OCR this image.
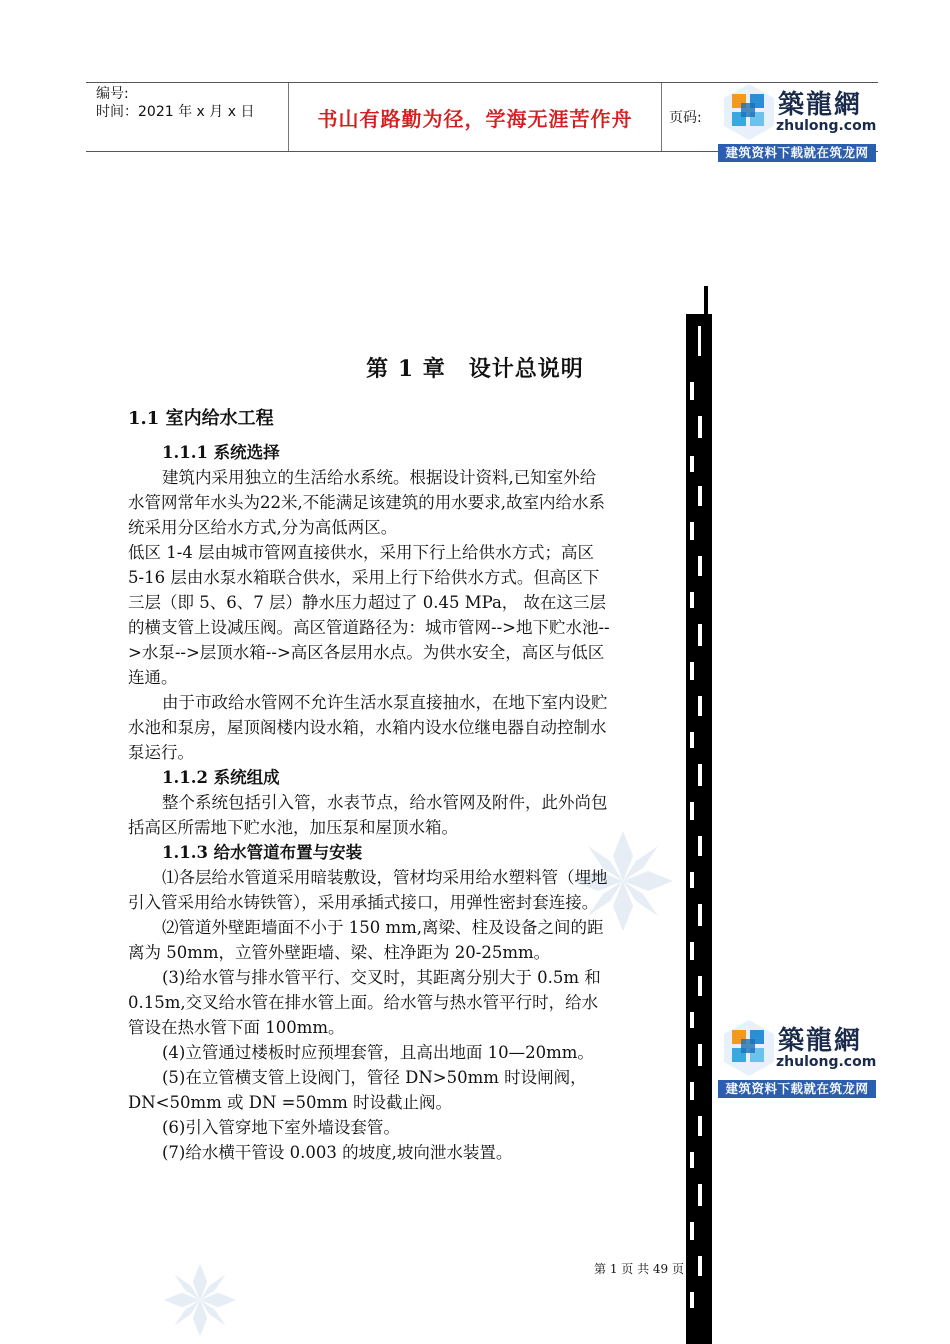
编号:
时间：2021 年 x 月 x 日	书山有路勤为径，学海无涯苦作舟	页码:	築龍網
zhulong.com
建筑资料下载就在筑龙网
築龍網
zhulong.com
建筑资料下载就在筑龙网
第 1 章　设计总说明
1.1 室内给水工程

1.1.1 系统选择

建筑内采用独立的生活给水系统。根据设计资料,已知室外给水管网常年水头为22米,不能满足该建筑的用水要求,故室内给水系统采用分区给水方式,分为高低两区。

低区 1-4 层由城市管网直接供水，采用下行上给供水方式；高区 5-16 层由水泵水箱联合供水，采用上行下给供水方式。但高区下三层（即 5、6、7 层）静水压力超过了 0.45 MPa， 故在这三层的横支管上设减压阀。高区管道路径为：城市管网-->地下贮水池-->水泵-->层顶水箱-->高区各层用水点。为供水安全，高区与低区连通。

由于市政给水管网不允许生活水泵直接抽水，在地下室内设贮水池和泵房，屋顶阁楼内设水箱，水箱内设水位继电器自动控制水泵运行。

1.1.2 系统组成

整个系统包括引入管，水表节点，给水管网及附件，此外尚包括高区所需地下贮水池，加压泵和屋顶水箱。

1.1.3 给水管道布置与安装

⑴各层给水管道采用暗装敷设，管材均采用给水塑料管（埋地引入管采用给水铸铁管），采用承插式接口，用弹性密封套连接。

⑵管道外壁距墙面不小于 150 mm,离梁、柱及设备之间的距离为 50mm，立管外壁距墙、梁、柱净距为 20-25mm。

(3)给水管与排水管平行、交叉时，其距离分别大于 0.5m 和 0.15m,交叉给水管在排水管上面。给水管与热水管平行时，给水管设在热水管下面 100mm。

(4)立管通过楼板时应预埋套管，且高出地面 10—20mm。

(5)在立管横支管上设阀门，管径 DN>50mm 时设闸阀，DN<50mm 或 DN =50mm 时设截止阀。

(6)引入管穿地下室外墙设套管。

(7)给水横干管设 0.003 的坡度,坡向泄水装置。

第 1 页 共 49 页
